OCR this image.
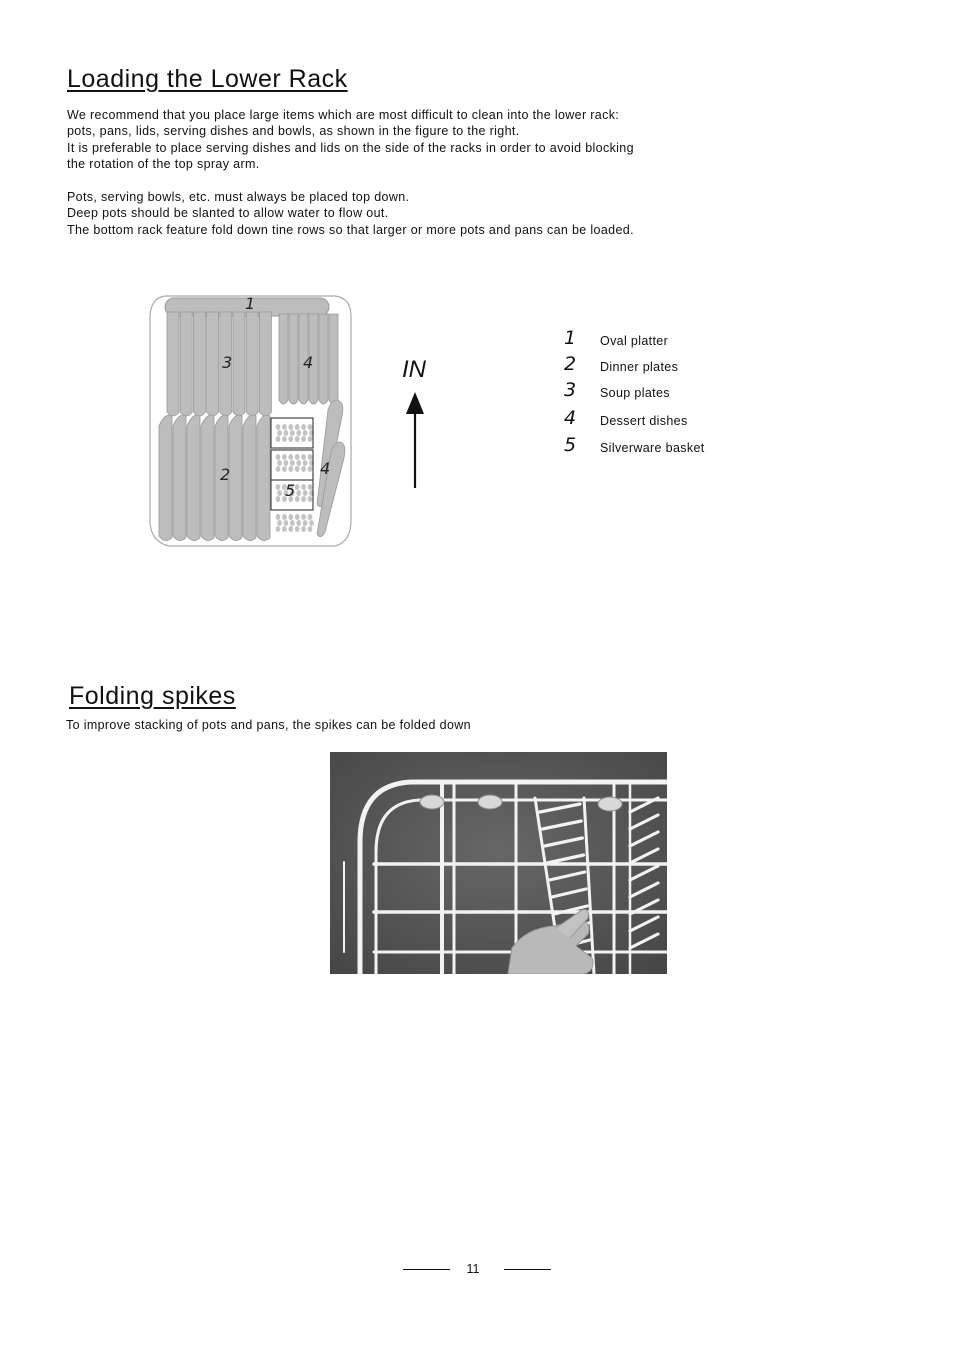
Loading the Lower Rack
We recommend that you place large items which are most difficult to clean into the lower rack:
pots, pans, lids, serving dishes and bowls, as shown in the figure to the right.
It is preferable to place serving dishes and lids on the side of the racks in order to avoid blocking
the rotation of the top spray arm.
Pots, serving bowls, etc. must always be placed top down.
Deep pots should be slanted to allow water to flow out.
The bottom rack feature fold down tine rows so that larger or more pots and pans can be loaded.
1
3	4
2	4
5
IN
1 Oval platter
2 Dinner plates
3 Soup plates
4 Dessert dishes
5 Silverware basket
Folding spikes

To improve stacking of pots and pans, the spikes can be folded down

11
